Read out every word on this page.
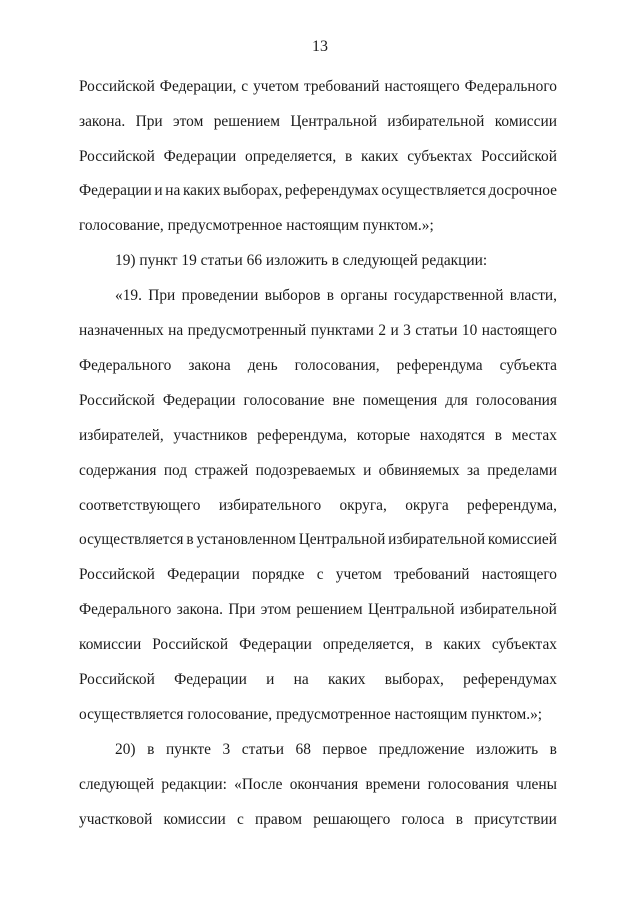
13
Российской Федерации, с учетом требований настоящего Федерального
закона. При этом решением Центральной избирательной комиссии
Российской Федерации определяется, в каких субъектах Российской
Федерации и на каких выборах, референдумах осуществляется досрочное
голосование, предусмотренное настоящим пунктом.»;
19) пункт 19 статьи 66 изложить в следующей редакции:
«19. При проведении выборов в органы государственной власти,
назначенных на предусмотренный пунктами 2 и 3 статьи 10 настоящего
Федерального закона день голосования, референдума субъекта
Российской Федерации голосование вне помещения для голосования
избирателей, участников референдума, которые находятся в местах
содержания под стражей подозреваемых и обвиняемых за пределами
соответствующего избирательного округа, округа референдума,
осуществляется в установленном Центральной избирательной комиссией
Российской Федерации порядке с учетом требований настоящего
Федерального закона. При этом решением Центральной избирательной
комиссии Российской Федерации определяется, в каких субъектах
Российской Федерации и на каких выборах, референдумах
осуществляется голосование, предусмотренное настоящим пунктом.»;
20) в пункте 3 статьи 68 первое предложение изложить в
следующей редакции: «После окончания времени голосования члены
участковой комиссии с правом решающего голоса в присутствии
